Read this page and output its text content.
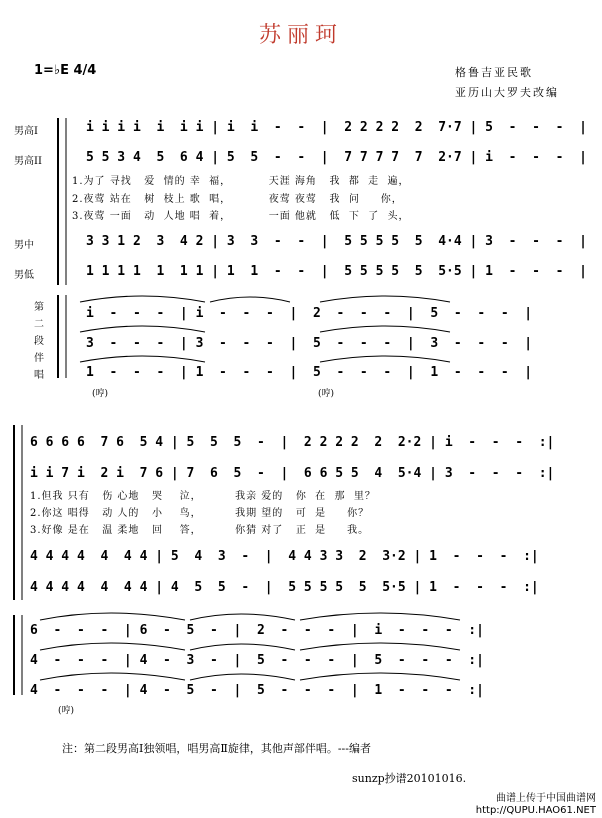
苏丽珂
1=♭E 4/4	格鲁吉亚民歌
亚历山大罗夫改编
男高I
男高II
男中
男低
第
二
段
伴
唱
i i i i  i  i i | i  i  -  -  |  2 2 2 2  2  7·7 | 5  -  -  -  |
5 5 3 4  5  6 4 | 5  5  -  -  |  7 7 7 7  7  2·7 | i  -  -  -  |
1.为了 寻找   爱  情的 幸  福，         天涯 海角   我  都  走  遍，
2.夜莺 站在   树  枝上 歌  唱，         夜莺 夜莺   我  问     你，
3.夜莺 一面   动  人地 唱  着，         一面 他就   低  下  了  头，
3 3 1 2  3  4 2 | 3  3  -  -  |  5 5 5 5  5  4·4 | 3  -  -  -  |
1 1 1 1  1  1 1 | 1  1  -  -  |  5 5 5 5  5  5·5 | 1  -  -  -  |
i  -  -  -  | i  -  -  -  |  2  -  -  -  |  5  -  -  -  |
3  -  -  -  | 3  -  -  -  |  5  -  -  -  |  3  -  -  -  |
1  -  -  -  | 1  -  -  -  |  5  -  -  -  |  1  -  -  -  |
(哼)	(哼)
6 6 6 6  7 6  5 4 | 5  5  5  -  |  2 2 2 2  2  2·2 | i  -  -  -  :|
i i 7 i  2 i  7 6 | 7  6  5  -  |  6 6 5 5  4  5·4 | 3  -  -  -  :|
1.但我 只有   伤 心地   哭    泣，        我亲 爱的   你  在  那  里？
2.你这 唱得   动 人的   小    鸟，        我期 望的   可  是     你？
3.好像 是在   温 柔地   回    答，        你猜 对了   正  是     我。
4 4 4 4  4  4 4 | 5  4  3  -  |  4 4 3 3  2  3·2 | 1  -  -  -  :|
4 4 4 4  4  4 4 | 4  5  5  -  |  5 5 5 5  5  5·5 | 1  -  -  -  :|
6  -  -  -  | 6  -  5  -  |  2  -  -  -  |  i  -  -  -  :|
4  -  -  -  | 4  -  3  -  |  5  -  -  -  |  5  -  -  -  :|
4  -  -  -  | 4  -  5  -  |  5  -  -  -  |  1  -  -  -  :|
(哼)
注：第二段男高Ⅰ独领唱，唱男高Ⅱ旋律，其他声部伴唱。---编者
sunzp抄谱20101016.
曲谱上传于中国曲谱网
http://QUPU.HAO61.NET
